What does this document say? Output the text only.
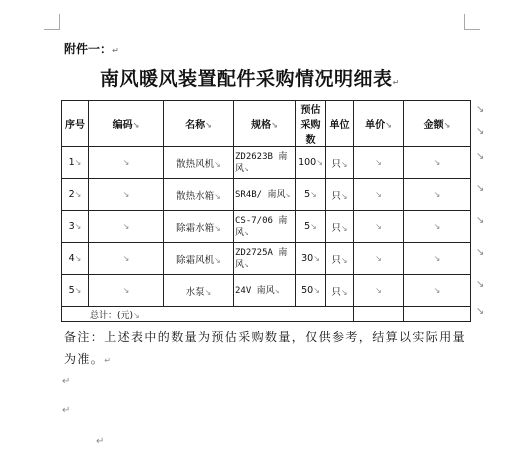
附件一：↵
南风暖风装置配件采购情况明细表↵
序号	编码↘	名称↘	规格↘	预估采购数	单位	单价↘	金额↘
1↘	↘	散热风机↘	ZD2623B 南风↘	100↘	只↘	↘	↘
2↘	↘	散热水箱↘	SR4B/ 南风↘	5↘	只↘	↘	↘
3↘	↘	除霜水箱↘	CS-7/06 南风↘	5↘	只↘	↘	↘
4↘	↘	除霜风机↘	ZD2725A 南风↘	30↘	只↘	↘	↘
5↘	↘	水泵↘	24V 南风↘	50↘	只↘	↘	↘
总计：(元)↘							
↘
↘
↘
↘
↘
↘
↘
↘
备注：上述表中的数量为预估采购数量，仅供参考，结算以实际用量
为准。↵
↵
↵
↵
